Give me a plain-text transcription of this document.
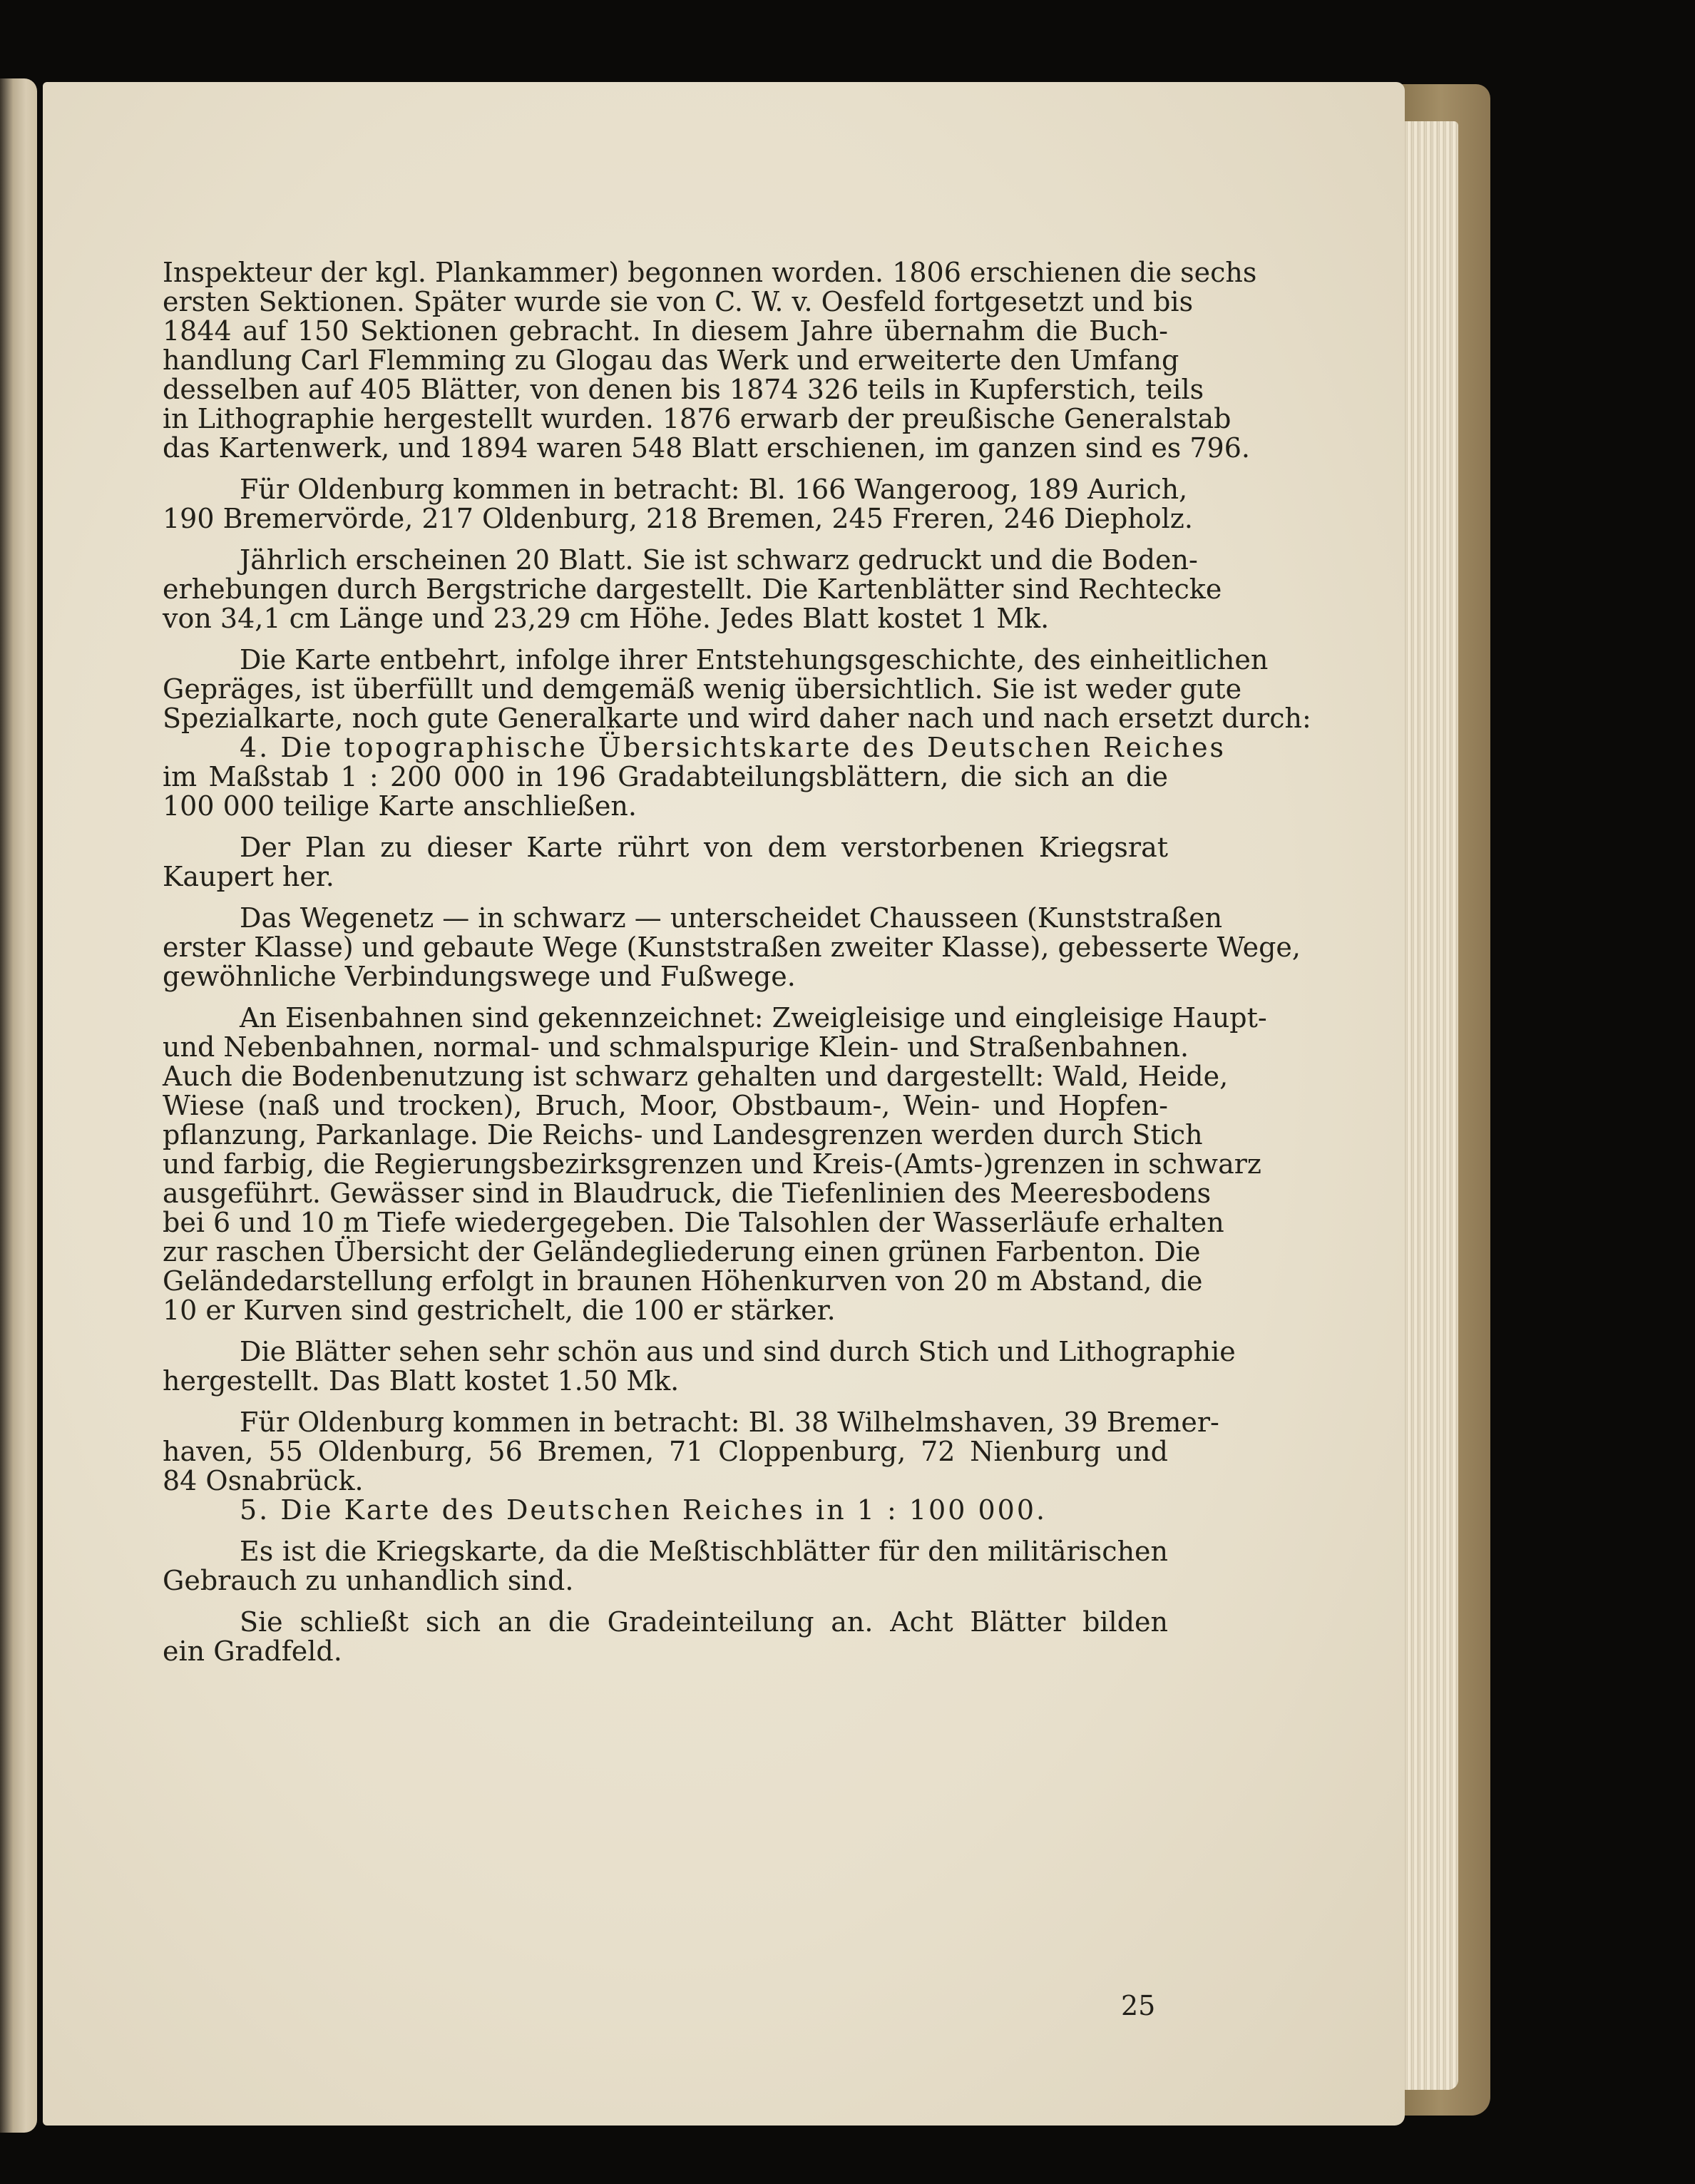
Inspekteur der kgl. Plankammer) begonnen worden. 1806 erschienen die sechs
ersten Sektionen. Später wurde sie von C. W. v. Oesfeld fortgesetzt und bis
1844 auf 150 Sektionen gebracht. In diesem Jahre übernahm die Buch-
handlung Carl Flemming zu Glogau das Werk und erweiterte den Umfang
desselben auf 405 Blätter, von denen bis 1874 326 teils in Kupferstich, teils
in Lithographie hergestellt wurden. 1876 erwarb der preußische Generalstab
das Kartenwerk, und 1894 waren 548 Blatt erschienen, im ganzen sind es 796.
Für Oldenburg kommen in betracht: Bl. 166 Wangeroog, 189 Aurich,
190 Bremervörde, 217 Oldenburg, 218 Bremen, 245 Freren, 246 Diepholz.
Jährlich erscheinen 20 Blatt. Sie ist schwarz gedruckt und die Boden-
erhebungen durch Bergstriche dargestellt. Die Kartenblätter sind Rechtecke
von 34,1 cm Länge und 23,29 cm Höhe. Jedes Blatt kostet 1 Mk.
Die Karte entbehrt, infolge ihrer Entstehungsgeschichte, des einheitlichen
Gepräges, ist überfüllt und demgemäß wenig übersichtlich. Sie ist weder gute
Spezialkarte, noch gute Generalkarte und wird daher nach und nach ersetzt durch:
4. Die topographische Übersichtskarte des Deutschen Reiches
im Maßstab 1 : 200 000 in 196 Gradabteilungsblättern, die sich an die
100 000 teilige Karte anschließen.
Der Plan zu dieser Karte rührt von dem verstorbenen Kriegsrat
Kaupert her.
Das Wegenetz — in schwarz — unterscheidet Chausseen (Kunststraßen
erster Klasse) und gebaute Wege (Kunststraßen zweiter Klasse), gebesserte Wege,
gewöhnliche Verbindungswege und Fußwege.
An Eisenbahnen sind gekennzeichnet: Zweigleisige und eingleisige Haupt-
und Nebenbahnen, normal- und schmalspurige Klein- und Straßenbahnen.
Auch die Bodenbenutzung ist schwarz gehalten und dargestellt: Wald, Heide,
Wiese (naß und trocken), Bruch, Moor, Obstbaum-, Wein- und Hopfen-
pflanzung, Parkanlage. Die Reichs- und Landesgrenzen werden durch Stich
und farbig, die Regierungsbezirksgrenzen und Kreis-(Amts-)grenzen in schwarz
ausgeführt. Gewässer sind in Blaudruck, die Tiefenlinien des Meeresbodens
bei 6 und 10 m Tiefe wiedergegeben. Die Talsohlen der Wasserläufe erhalten
zur raschen Übersicht der Geländegliederung einen grünen Farbenton. Die
Geländedarstellung erfolgt in braunen Höhenkurven von 20 m Abstand, die
10 er Kurven sind gestrichelt, die 100 er stärker.
Die Blätter sehen sehr schön aus und sind durch Stich und Lithographie
hergestellt. Das Blatt kostet 1.50 Mk.
Für Oldenburg kommen in betracht: Bl. 38 Wilhelmshaven, 39 Bremer-
haven, 55 Oldenburg, 56 Bremen, 71 Cloppenburg, 72 Nienburg und
84 Osnabrück.
5. Die Karte des Deutschen Reiches in 1 : 100 000.
Es ist die Kriegskarte, da die Meßtischblätter für den militärischen
Gebrauch zu unhandlich sind.
Sie schließt sich an die Gradeinteilung an. Acht Blätter bilden
ein Gradfeld.
25
